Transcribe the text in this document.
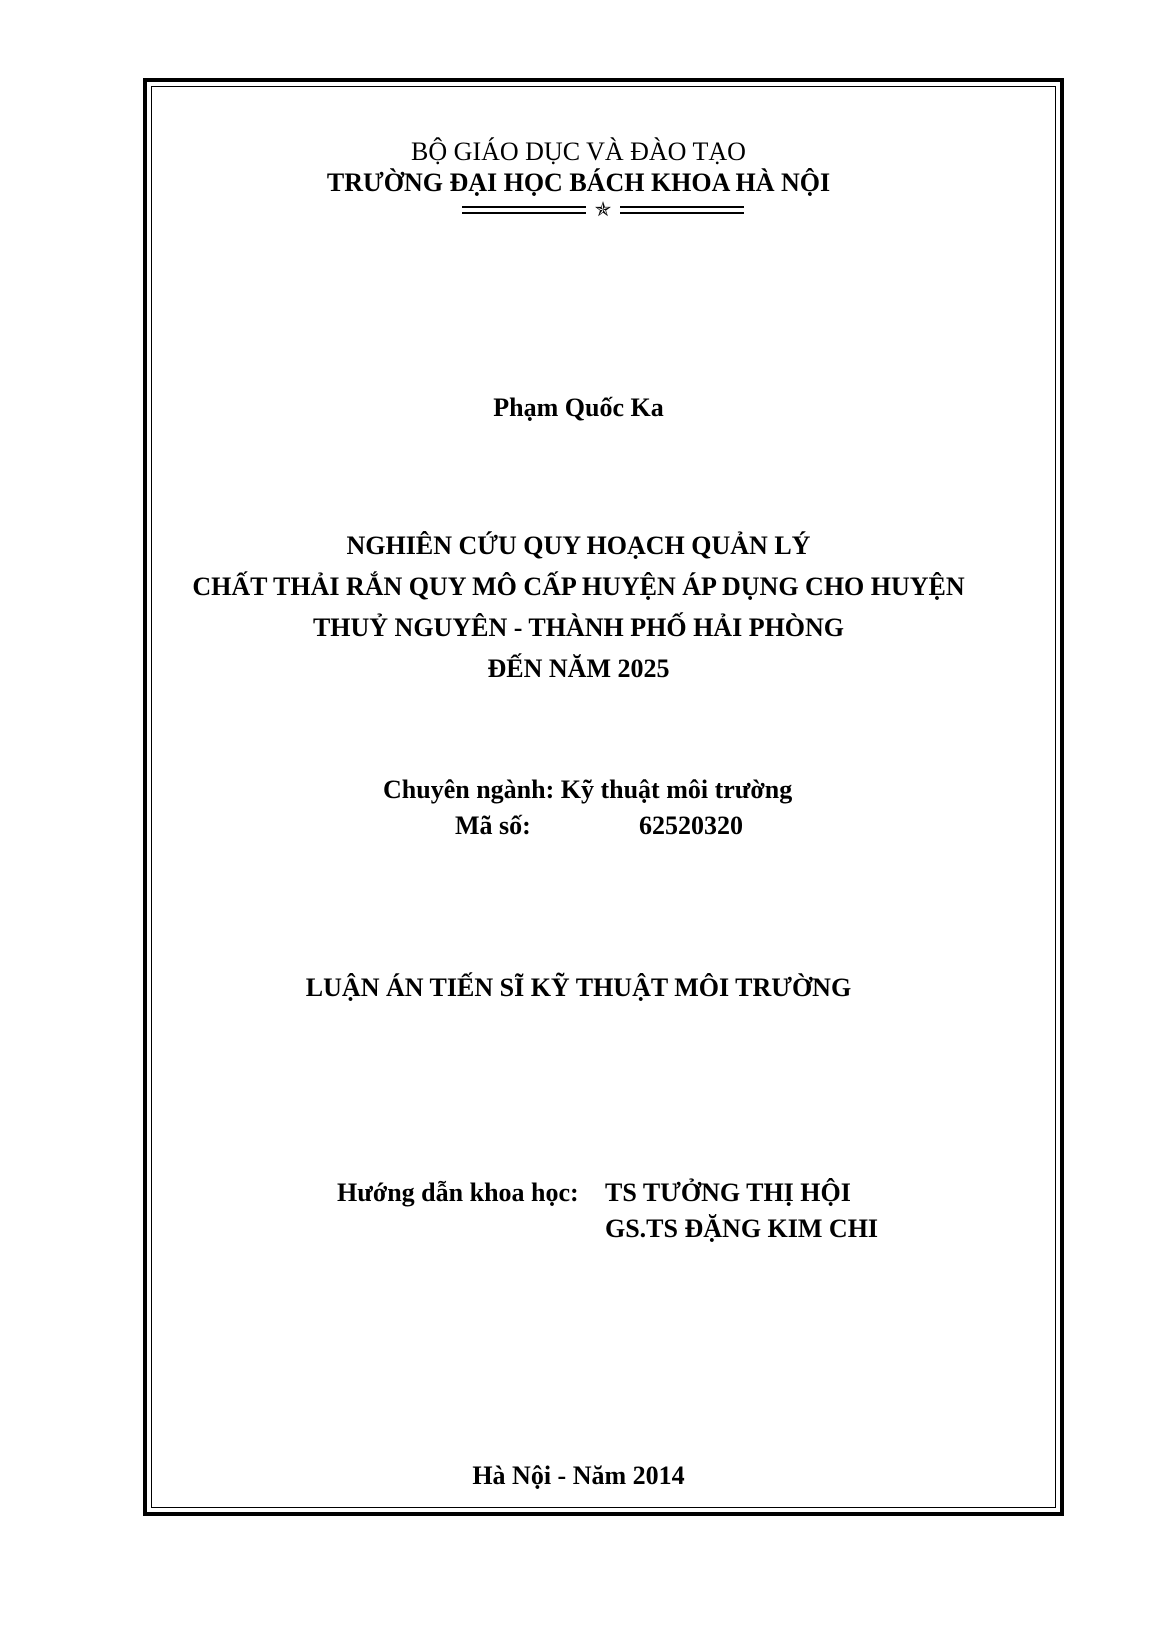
BỘ GIÁO DỤC VÀ ĐÀO TẠO
TRƯỜNG ĐẠI HỌC BÁCH KHOA HÀ NỘI
✯
Phạm Quốc Ka
NGHIÊN CỨU QUY HOẠCH QUẢN LÝ
CHẤT THẢI RẮN QUY MÔ CẤP HUYỆN ÁP DỤNG CHO HUYỆN
THUỶ NGUYÊN - THÀNH PHỐ HẢI PHÒNG
ĐẾN NĂM 2025
Chuyên ngành: Kỹ thuật môi trường
Mã số:	62520320
LUẬN ÁN TIẾN SĨ KỸ THUẬT MÔI TRƯỜNG
Hướng dẫn khoa học: TS TƯỞNG THỊ HỘI
GS.TS ĐẶNG KIM CHI
Hà Nội - Năm 2014
